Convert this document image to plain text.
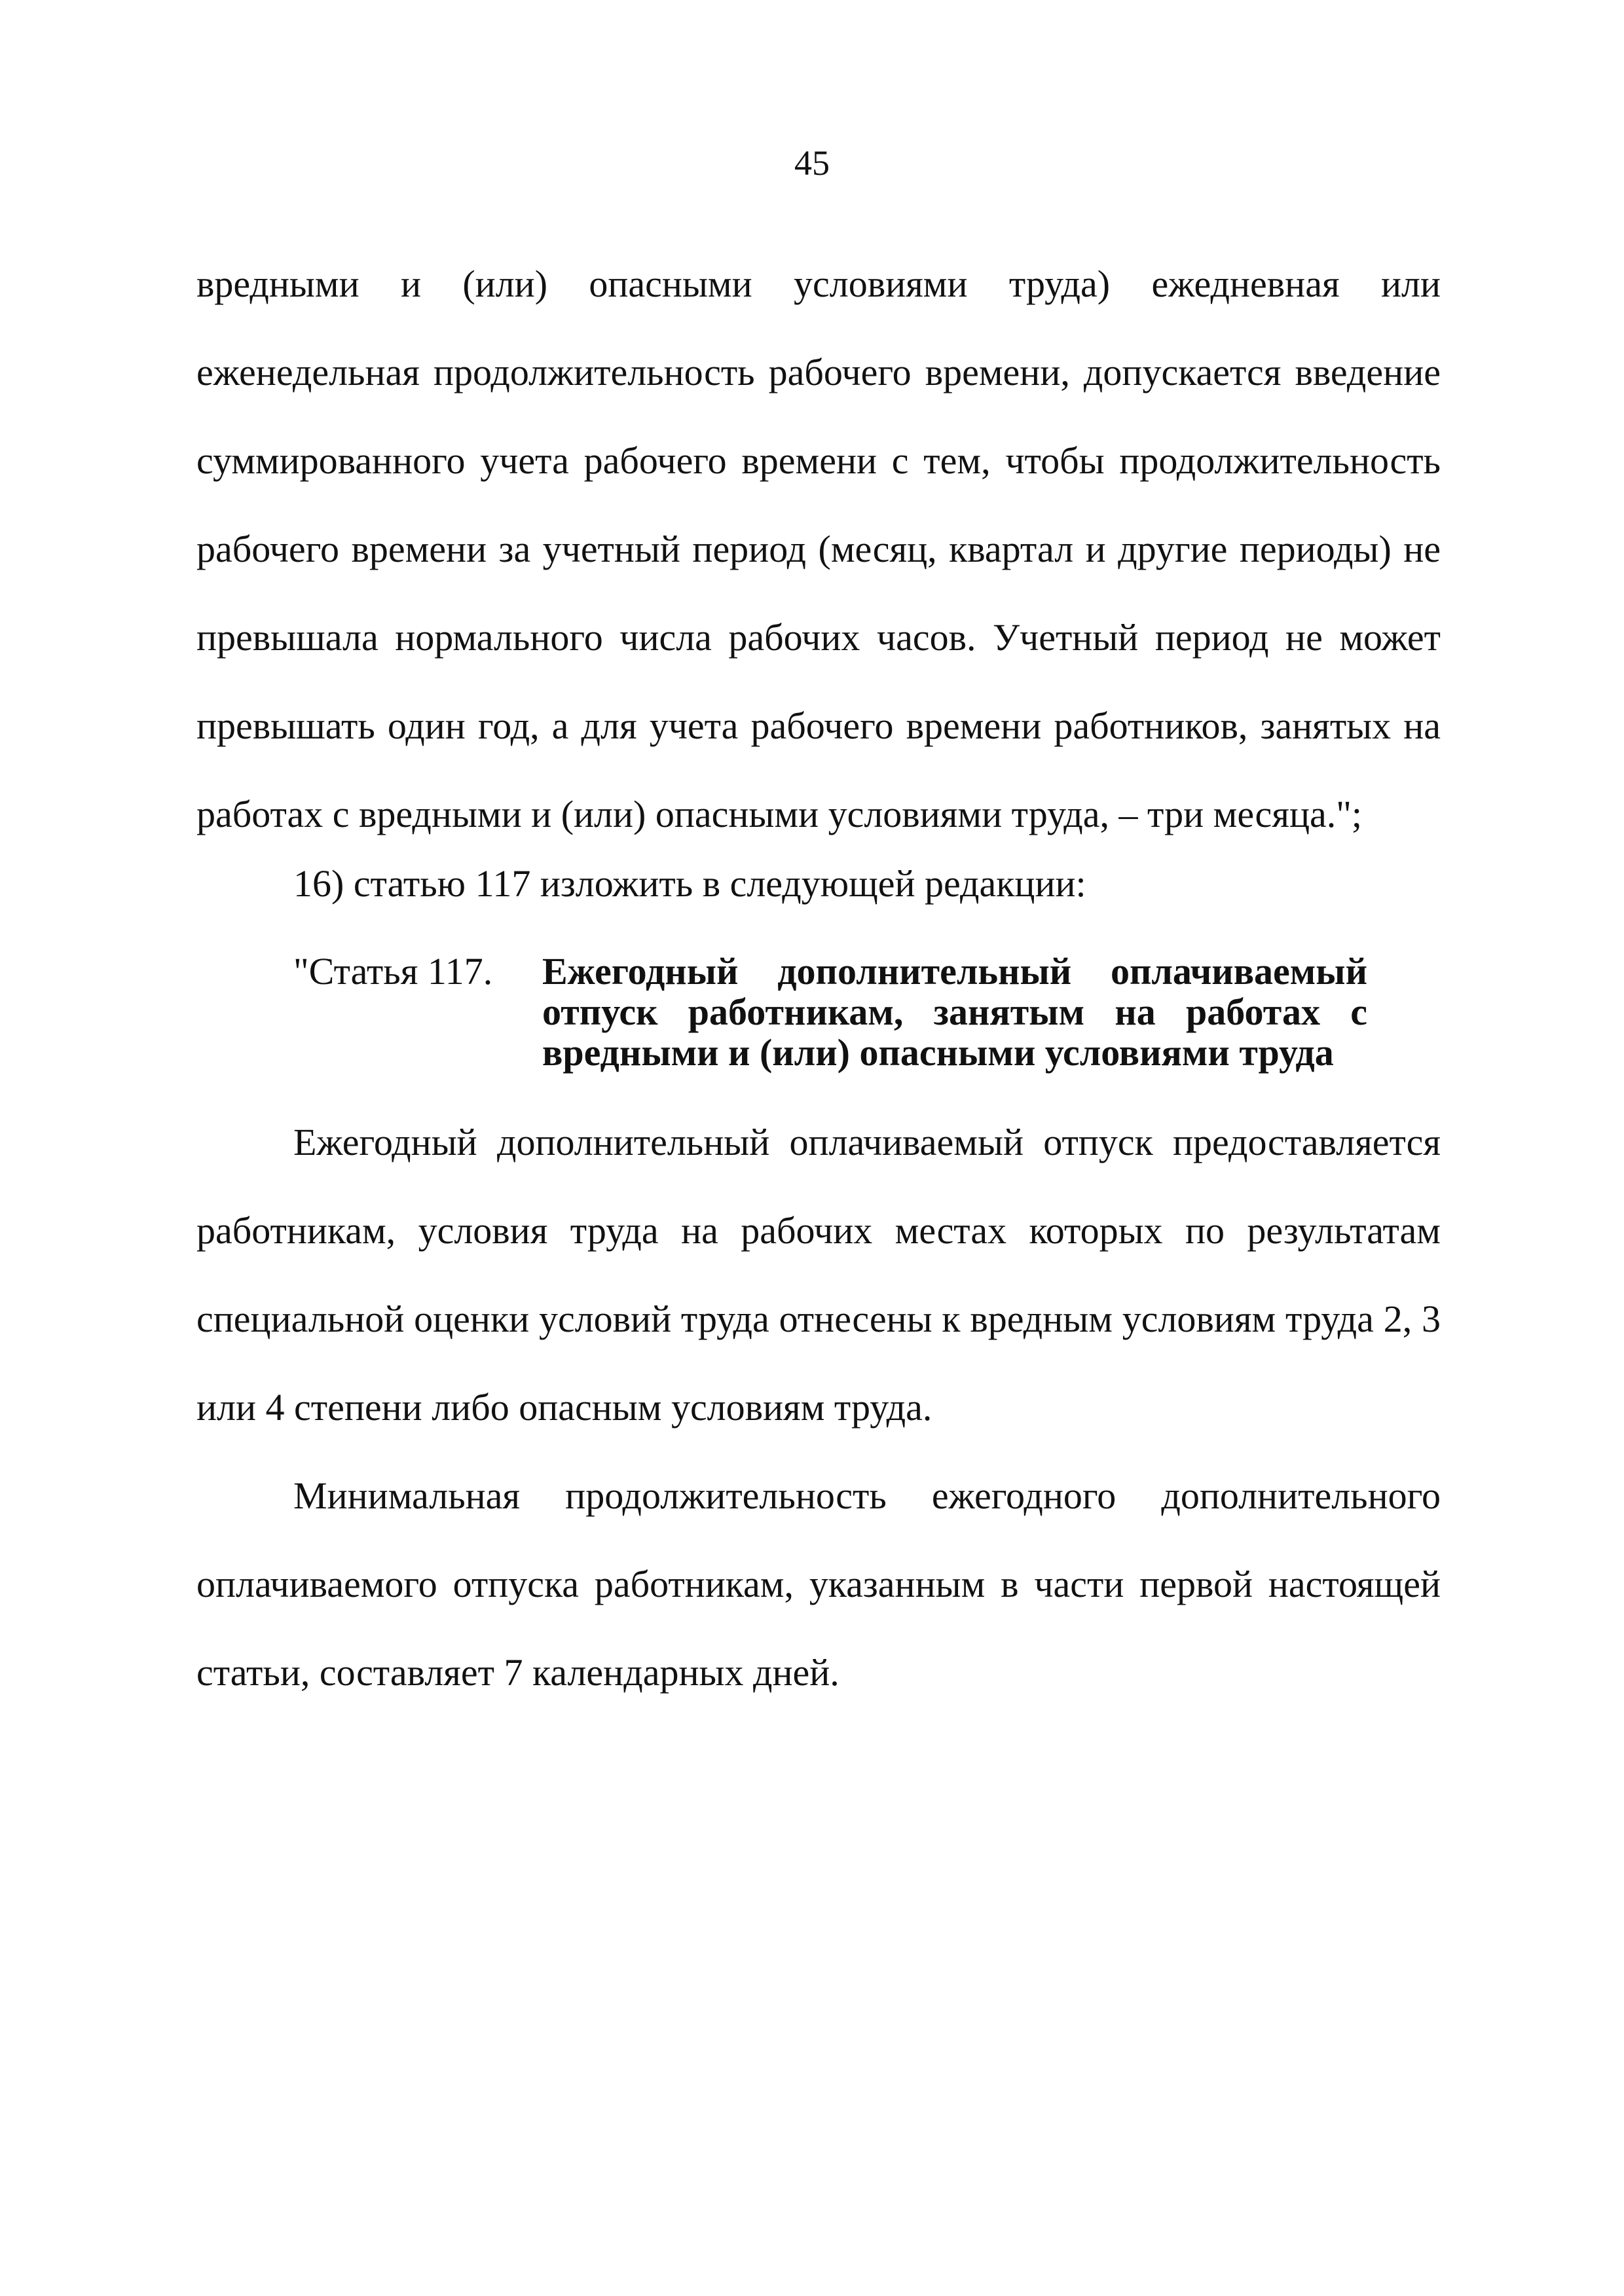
45
вредными и (или) опасными условиями труда) ежедневная или еженедельная продолжительность рабочего времени, допускается введение суммированного учета рабочего времени с тем, чтобы продолжительность рабочего времени за учетный период (месяц, квартал и другие периоды) не превышала нормального числа рабочих часов. Учетный период не может превышать один год, а для учета рабочего времени работников, занятых на работах с вредными и (или) опасными условиями труда, – три месяца.";
16) статью 117 изложить в следующей редакции:
"Статья 117. Ежегодный дополнительный оплачиваемый отпуск работникам, занятым на работах с вредными и (или) опасными условиями труда
Ежегодный дополнительный оплачиваемый отпуск предоставляется работникам, условия труда на рабочих местах которых по результатам специальной оценки условий труда отнесены к вредным условиям труда 2, 3 или 4 степени либо опасным условиям труда.
Минимальная продолжительность ежегодного дополнительного оплачиваемого отпуска работникам, указанным в части первой настоящей статьи, составляет 7 календарных дней.
